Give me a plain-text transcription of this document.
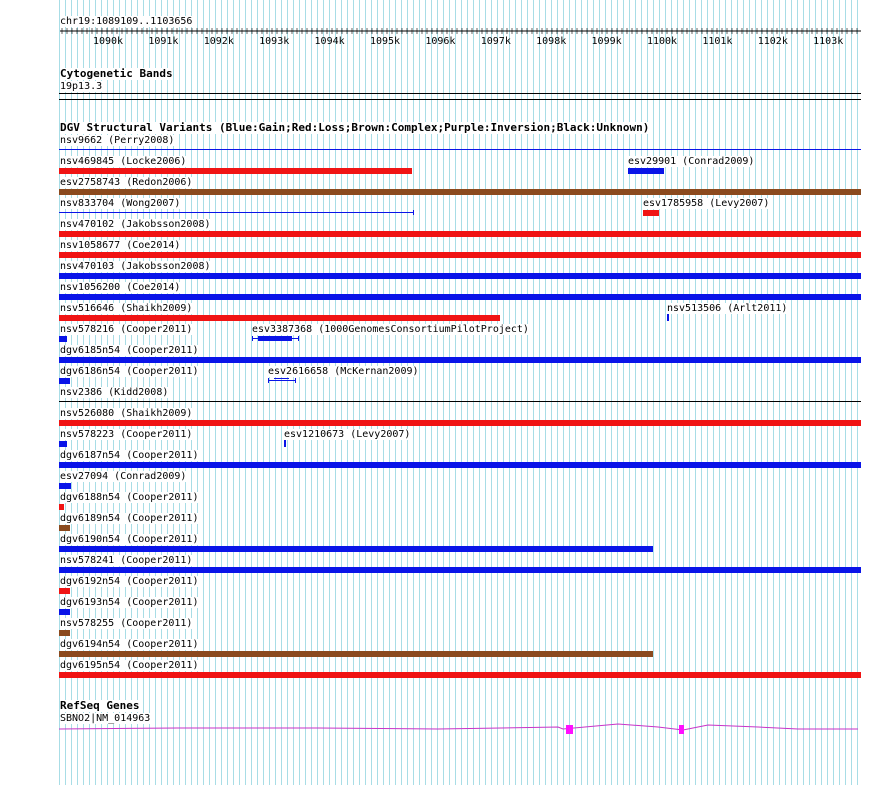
chr19:1089109..1103656
1090k	1091k	1092k	1093k	1094k	1095k	1096k	1097k	1098k	1099k	1100k	1101k	1102k	1103k
Cytogenetic Bands
19p13.3
DGV Structural Variants (Blue:Gain;Red:Loss;Brown:Complex;Purple:Inversion;Black:Unknown)
RefSeq Genes
SBNO2|NM_014963
nsv9662 (Perry2008)
nsv469845 (Locke2006)	esv29901 (Conrad2009)
esv2758743 (Redon2006)
nsv833704 (Wong2007)	esv1785958 (Levy2007)
nsv470102 (Jakobsson2008)
nsv1058677 (Coe2014)
nsv470103 (Jakobsson2008)
nsv1056200 (Coe2014)
nsv516646 (Shaikh2009)	nsv513506 (Arlt2011)
nsv578216 (Cooper2011)	esv3387368 (1000GenomesConsortiumPilotProject)
dgv6185n54 (Cooper2011)
dgv6186n54 (Cooper2011)	esv2616658 (McKernan2009)
nsv2386 (Kidd2008)
nsv526080 (Shaikh2009)
nsv578223 (Cooper2011)	esv1210673 (Levy2007)
dgv6187n54 (Cooper2011)
esv27094 (Conrad2009)
dgv6188n54 (Cooper2011)
dgv6189n54 (Cooper2011)
dgv6190n54 (Cooper2011)
nsv578241 (Cooper2011)
dgv6192n54 (Cooper2011)
dgv6193n54 (Cooper2011)
nsv578255 (Cooper2011)
dgv6194n54 (Cooper2011)
dgv6195n54 (Cooper2011)
